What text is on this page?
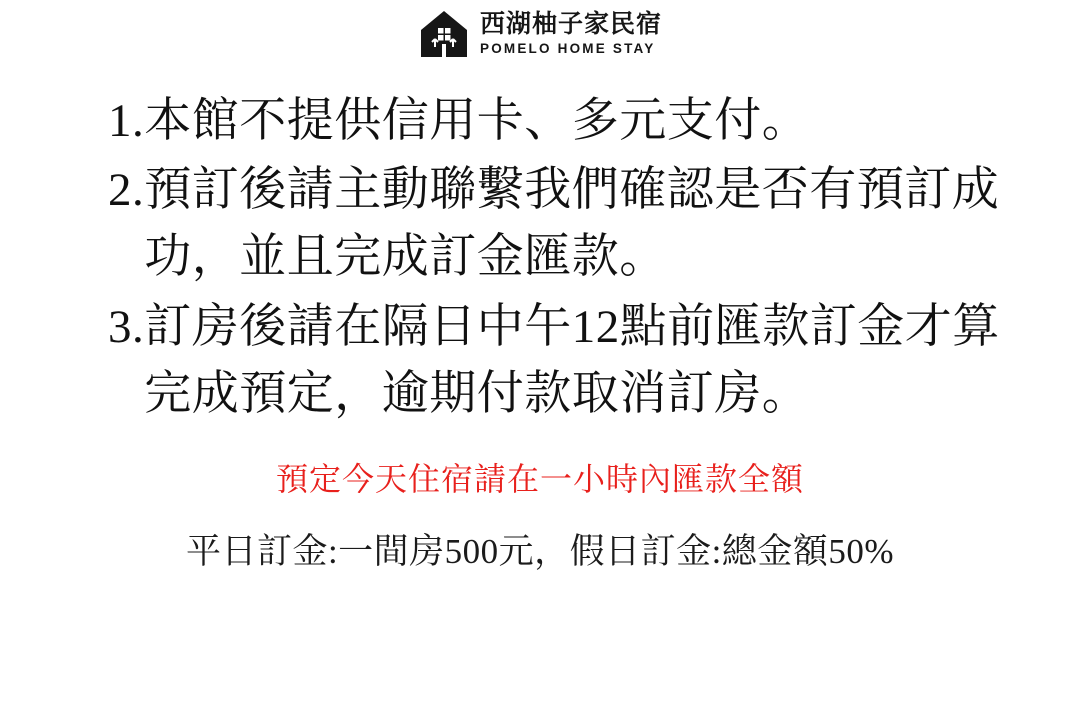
西湖柚子家民宿
POMELO HOME STAY
1. 本館不提供信用卡、多元支付。
2. 預訂後請主動聯繫我們確認是否有預訂成功，並且完成訂金匯款。
3. 訂房後請在隔日中午12點前匯款訂金才算完成預定，逾期付款取消訂房。
預定今天住宿請在一小時內匯款全額
平日訂金:一間房500元，假日訂金:總金額50%
